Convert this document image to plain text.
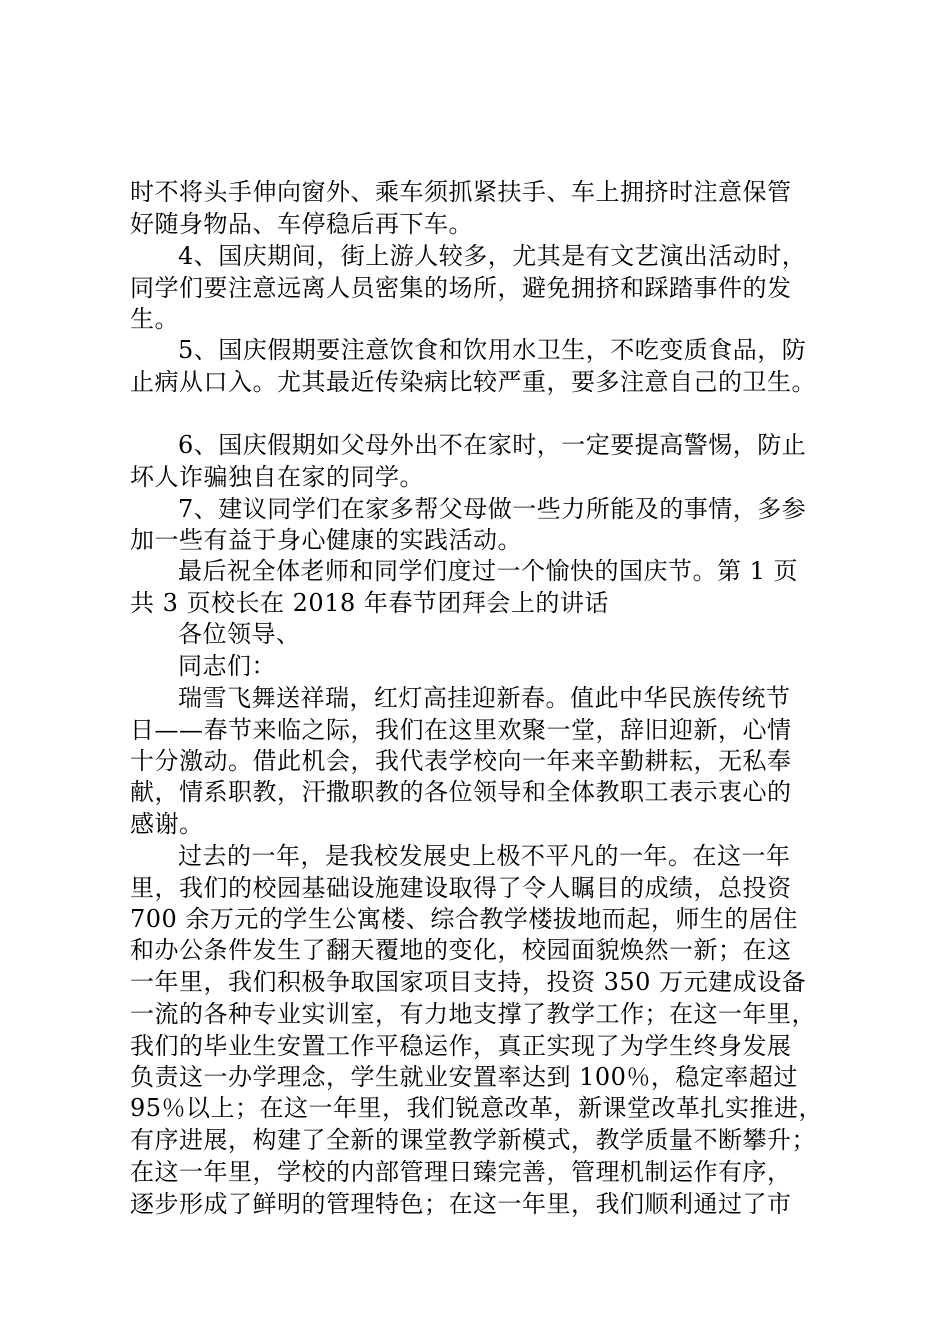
时不将头手伸向窗外、乘车须抓紧扶手、车上拥挤时注意保管
好随身物品、车停稳后再下车。
4、国庆期间，街上游人较多，尤其是有文艺演出活动时，
同学们要注意远离人员密集的场所，避免拥挤和踩踏事件的发
生。
5、国庆假期要注意饮食和饮用水卫生，不吃变质食品，防
止病从口入。尤其最近传染病比较严重，要多注意自己的卫生。
6、国庆假期如父母外出不在家时，一定要提高警惕，防止
坏人诈骗独自在家的同学。
7、建议同学们在家多帮父母做一些力所能及的事情，多参
加一些有益于身心健康的实践活动。
最后祝全体老师和同学们度过一个愉快的国庆节。第 1 页
共 3 页校长在 2018 年春节团拜会上的讲话
各位领导、
同志们：
瑞雪飞舞送祥瑞，红灯高挂迎新春。值此中华民族传统节
日——春节来临之际，我们在这里欢聚一堂，辞旧迎新，心情
十分激动。借此机会，我代表学校向一年来辛勤耕耘，无私奉
献，情系职教，汗撒职教的各位领导和全体教职工表示衷心的
感谢。
过去的一年，是我校发展史上极不平凡的一年。在这一年
里，我们的校园基础设施建设取得了令人瞩目的成绩，总投资
700 余万元的学生公寓楼、综合教学楼拔地而起，师生的居住
和办公条件发生了翻天覆地的变化，校园面貌焕然一新；在这
一年里，我们积极争取国家项目支持，投资 350 万元建成设备
一流的各种专业实训室，有力地支撑了教学工作；在这一年里，
我们的毕业生安置工作平稳运作，真正实现了为学生终身发展
负责这一办学理念，学生就业安置率达到 100％，稳定率超过
95％以上；在这一年里，我们锐意改革，新课堂改革扎实推进，
有序进展，构建了全新的课堂教学新模式，教学质量不断攀升；
在这一年里，学校的内部管理日臻完善，管理机制运作有序，
逐步形成了鲜明的管理特色；在这一年里，我们顺利通过了市
